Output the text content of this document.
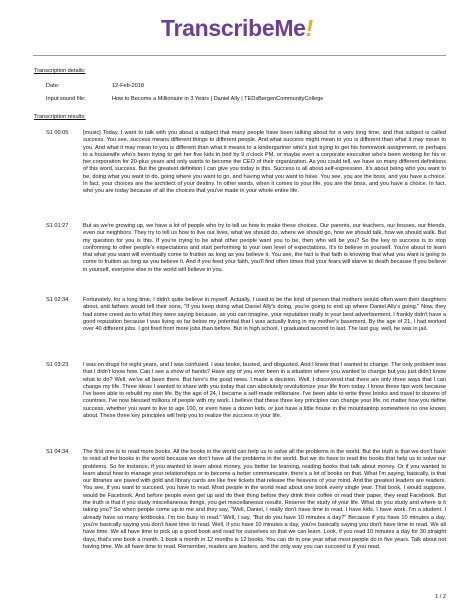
TranscribeMe!
Transcription details:
Date:	12-Feb-2018
Input sound file:	How to Become a Millionaire in 3 Years | Daniel Ally | TEDxBergenCommunityCollege
Transcription results:
S1 00:05	[music] Today, I want to talk with you about a subject that many people have been talking about for a very long time, and that subject is called success. You see, success means different things to different people. And what success might mean to you is different than what it may mean to you. And what it may mean to you is different than what it means to a kindergartner who's just trying to get his homework assignment, or perhaps to a housewife who's been trying to get her five kids in bed by 9 o'clock PM, or maybe even a corporate executive who's been working for his or her corporation for 20-plus years and only wants to become the CEO of their organization. As you could tell, we have so many different definitions of this word, success. But the greatest definition I can give you today is this. Success is all about self-expression. It's about being who you want to be, doing what you want to do, going where you want to go, and having what you want to have. You see, you are the boss, and you have a choice. In fact, your choices are the architect of your destiny. In other words, when it comes to your life, you are the boss, and you have a choice. In fact, who you are today because of all the choices that you've made in your whole entire life.
S1 01:27	But as we're growing up, we have a lot of people who try to tell us how to make these choices. Our parents, our teachers, our bosses, our friends, even our neighbors. They try to tell us how to live our lives, what we should do, where we should go, how we should talk, how we should walk. But my question for you is this. If you're trying to be what other people want you to be, then who will be you? So the key to success is to stop conforming to other people's expectations and start performing to your own level of expectations. It's to believe in yourself. You're about to learn that what you want will eventually come to fruition as long as you believe it. You see, the fact is that faith is knowing that what you want is going to come to fruition as long as you believe it. And if you feed your faith, you'll find often times that your fears will starve to death because if you believe in yourself, everyone else in the world will believe in you.
S1 02:34	Fortunately, for a long time, I didn't quite believe in myself. Actually, I used to be the kind of person that mothers would often warn their daughters about, and fathers would tell their sons, "If you keep doing what Daniel Ally's doing, you're going to end up where Daniel Ally's going." Now, they had some creed as to what they were saying because, as you can imagine, your reputation really is your best advertisement. I frankly didn't have a good reputation because I was living so far below my potential that I was actually living in my mother's basement. By the age of 21, I had worked over 40 different jobs. I got fired from more jobs than before. But in high school, I graduated second to last. The last guy, well, he was in jail.
S1 03:23	I was on drugs for eight years, and I was confused. I was broke, busted, and disgusted. And I knew that I wanted to change. The only problem was that I didn't know how. Can I see a show of hands? Have any of you ever been in a situation where you wanted to change but you just didn't know what to do? Well, we've all been there. But here's the good news. I made a decision. Well, I discovered that there are only three ways that I can change my life. Three ideas I wanted to share with you today that can absolutely revolutionize your life from today. I know these tips work because I've been able to rebuild my own life. By the age of 24, I became a self-made millionaire. I've been able to write three books and travel to dozens of countries. I've now blessed millions of people with my work. I believe that these three key principles can change your life, no matter how you define success, whether you want to live to age 100, or even have a dozen kids, or just have a little house in the mountaintop somewhere no one knows about. These three key principles will help you to realize the success in your life.
S1 04:34	The first one is to read more books. All the books in the world can help us to solve all the problems in the world. But the truth is that we don't have to read all the books in the world because we don't have all the problems in the world. But we do have to read the books that help us to solve our problems. So for instance, if you wanted to learn about money, you better be learning, reading books that talk about money. Or if you wanted to learn about how to manage your relationships or to become a better communicator, there's a lot of books on that. What I'm saying, basically, is that our libraries are paved with gold and library cards are like free tickets that release the heavens of your mind. And the greatest leaders are readers. You see, if you want to succeed, you have to read. Most people in the world read about one book every single year. That book, I would suppose, would be Facebook. And before people even get up and do their thing before they drink their coffee or read their paper, they read Facebook. But the truth is that if you study miscellaneous things, you get miscellaneous results. Reserve the study of your life. What do you study and where is it taking you? So when people come up to me and they say, "Well, Daniel, I really don't have time to read. I have kids. I have work. I'm a student. I already have so many textbooks. I'm too busy to read." Well, I say, "But do you have 10 minutes a day?" Because if you have 10 minutes a day, you're basically saying you don't have time to read. Well, if you have 10 minutes a day, you're basically saying you don't have time to read. We all have time. We all have time to pick up a good book and read for ourselves so that we can learn. Look, if you read 10 minutes a day for 30 straight days, that's one book a month. 1 book a month in 12 months is 12 books. You can do in one year what most people do in five years. Talk about not having time. We all have time to read. Remember, readers are leaders, and the only way you can succeed is if you read.
1 / 2
